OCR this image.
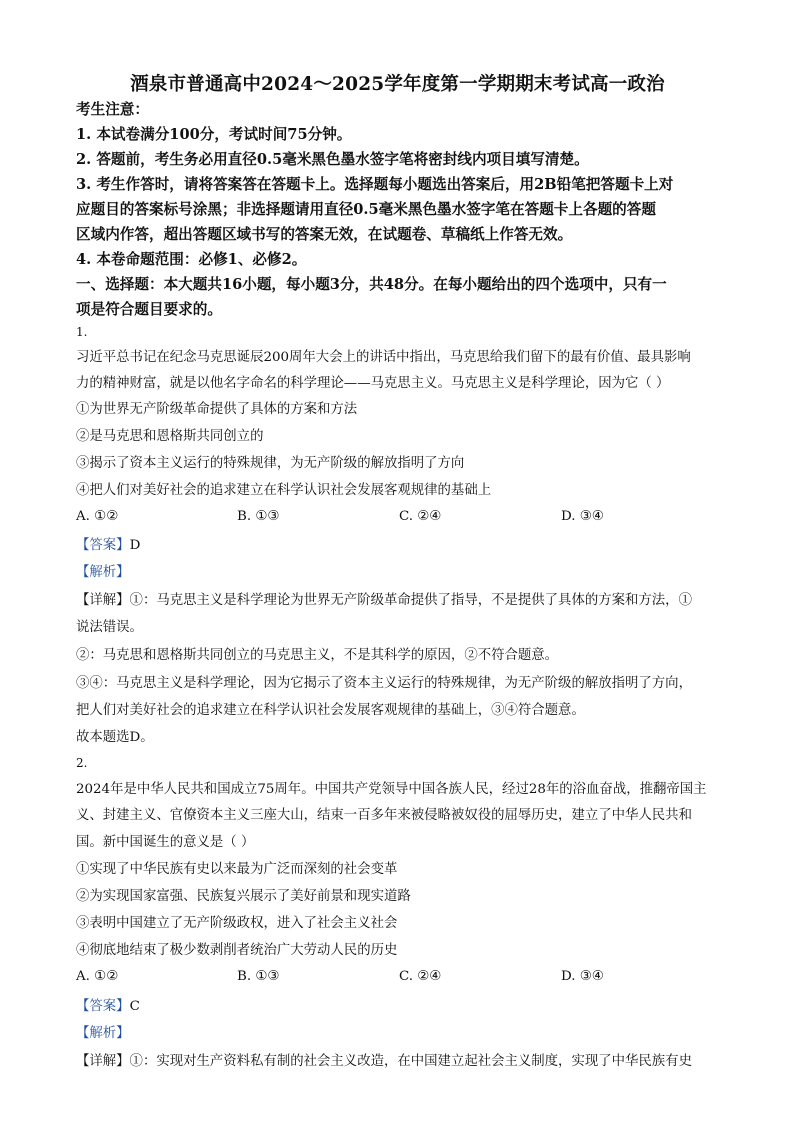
酒泉市普通高中2024～2025学年度第一学期期末考试高一政治
考生注意：
1. 本试卷满分100分，考试时间75分钟。
2. 答题前，考生务必用直径0.5毫米黑色墨水签字笔将密封线内项目填写清楚。
3. 考生作答时，请将答案答在答题卡上。选择题每小题选出答案后，用2B铅笔把答题卡上对
应题目的答案标号涂黑；非选择题请用直径0.5毫米黑色墨水签字笔在答题卡上各题的答题
区域内作答，超出答题区域书写的答案无效，在试题卷、草稿纸上作答无效。
4. 本卷命题范围：必修1、必修2。
一、选择题：本大题共16小题，每小题3分，共48分。在每小题给出的四个选项中，只有一
项是符合题目要求的。
1.
习近平总书记在纪念马克思诞辰200周年大会上的讲话中指出，马克思给我们留下的最有价值、最具影响
力的精神财富，就是以他名字命名的科学理论——马克思主义。马克思主义是科学理论，因为它（ ）
①为世界无产阶级革命提供了具体的方案和方法
②是马克思和恩格斯共同创立的
③揭示了资本主义运行的特殊规律，为无产阶级的解放指明了方向
④把人们对美好社会的追求建立在科学认识社会发展客观规律的基础上
A. ①②	B. ①③	C. ②④	D. ③④
【答案】D
【解析】
【详解】①：马克思主义是科学理论为世界无产阶级革命提供了指导，不是提供了具体的方案和方法，①
说法错误。
②：马克思和恩格斯共同创立的马克思主义，不是其科学的原因，②不符合题意。
③④：马克思主义是科学理论，因为它揭示了资本主义运行的特殊规律，为无产阶级的解放指明了方向，
把人们对美好社会的追求建立在科学认识社会发展客观规律的基础上，③④符合题意。
故本题选D。
2.
2024年是中华人民共和国成立75周年。中国共产党领导中国各族人民，经过28年的浴血奋战，推翻帝国主
义、封建主义、官僚资本主义三座大山，结束一百多年来被侵略被奴役的屈辱历史，建立了中华人民共和
国。新中国诞生的意义是（ ）
①实现了中华民族有史以来最为广泛而深刻的社会变革
②为实现国家富强、民族复兴展示了美好前景和现实道路
③表明中国建立了无产阶级政权，进入了社会主义社会
④彻底地结束了极少数剥削者统治广大劳动人民的历史
A. ①②	B. ①③	C. ②④	D. ③④
【答案】C
【解析】
【详解】①：实现对生产资料私有制的社会主义改造，在中国建立起社会主义制度，实现了中华民族有史
